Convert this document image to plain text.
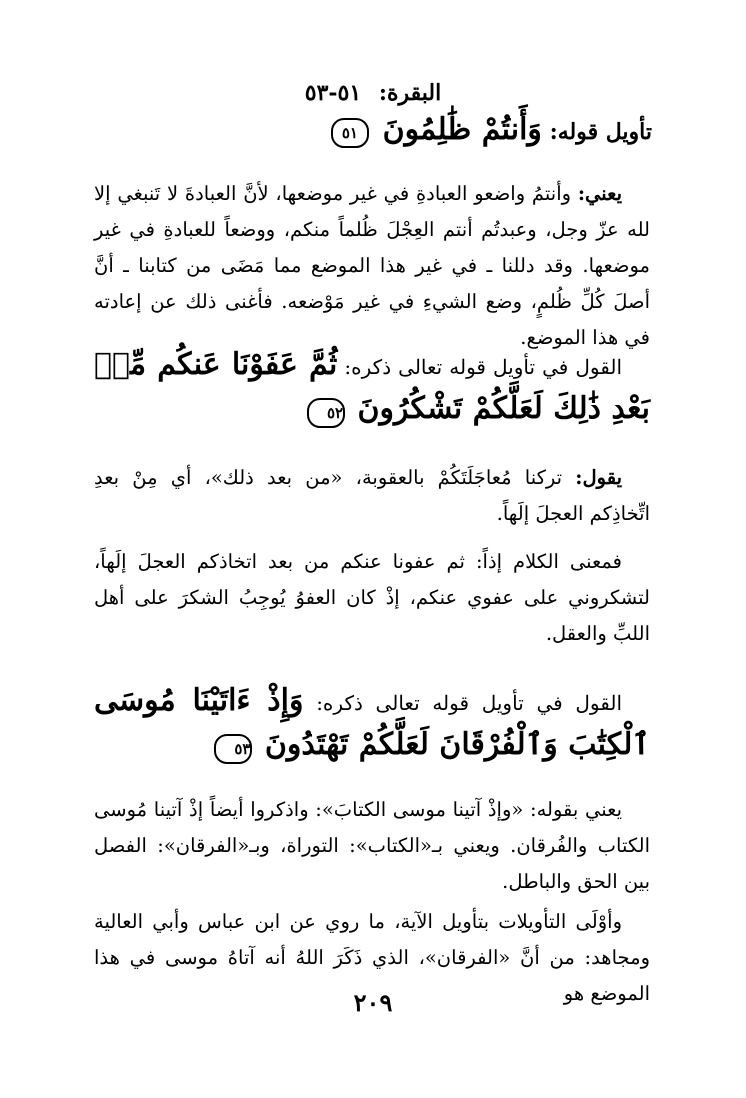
البقرة: ٥١-٥٣
تأويل قوله: وَأَنتُمْ ظَٰلِمُونَ ٥١
يعني: وأنتمُ واضعو العبادةِ في غير موضعها، لأنَّ العبادةَ لا تَنبغي إلا لله عزّ وجل، وعبدتُم أنتم العِجْلَ ظُلماً منكم، ووضعاً للعبادةِ في غير موضعها. وقد دللنا ـ في غير هذا الموضع مما مَضَى من كتابنا ـ أنَّ أصلَ كُلِّ ظُلمٍ، وضع الشيءِ في غير مَوْضعه. فأغنى ذلك عن إعادته في هذا الموضع.
القول في تأويل قوله تعالى ذكره: ثُمَّ عَفَوْنَا عَنكُم مِّنۢ بَعْدِ ذَٰلِكَ لَعَلَّكُمْ تَشْكُرُونَ ٥٢
يقول: تركنا مُعاجَلَتَكُمْ بالعقوبة، «من بعد ذلك»، أي مِنْ بعدِ اتِّخاذِكم العجلَ إلَهاً.
فمعنى الكلام إذاً: ثم عفونا عنكم من بعد اتخاذكم العجلَ إلَهاً، لتشكروني على عفوي عنكم، إذْ كان العفوُ يُوجِبُ الشكرَ على أهل اللبِّ والعقل.
القول في تأويل قوله تعالى ذكره: وَإِذْ ءَاتَيْنَا مُوسَى ٱلْكِتَٰبَ وَٱلْفُرْقَانَ لَعَلَّكُمْ تَهْتَدُونَ ٥٣
يعني بقوله: «وإذْ آتينا موسى الكتابَ»: واذكروا أيضاً إذْ آتينا مُوسى الكتاب والفُرقان. ويعني بـ«الكتاب»: التوراة، وبـ«الفرقان»: الفصل بين الحق والباطل.
وأوْلَى التأويلات بتأويل الآية، ما روي عن ابن عباس وأبي العالية ومجاهد: من أنَّ «الفرقان»، الذي ذَكَرَ اللهُ أنه آتاهُ موسى في هذا الموضع هو
٢٠٩
